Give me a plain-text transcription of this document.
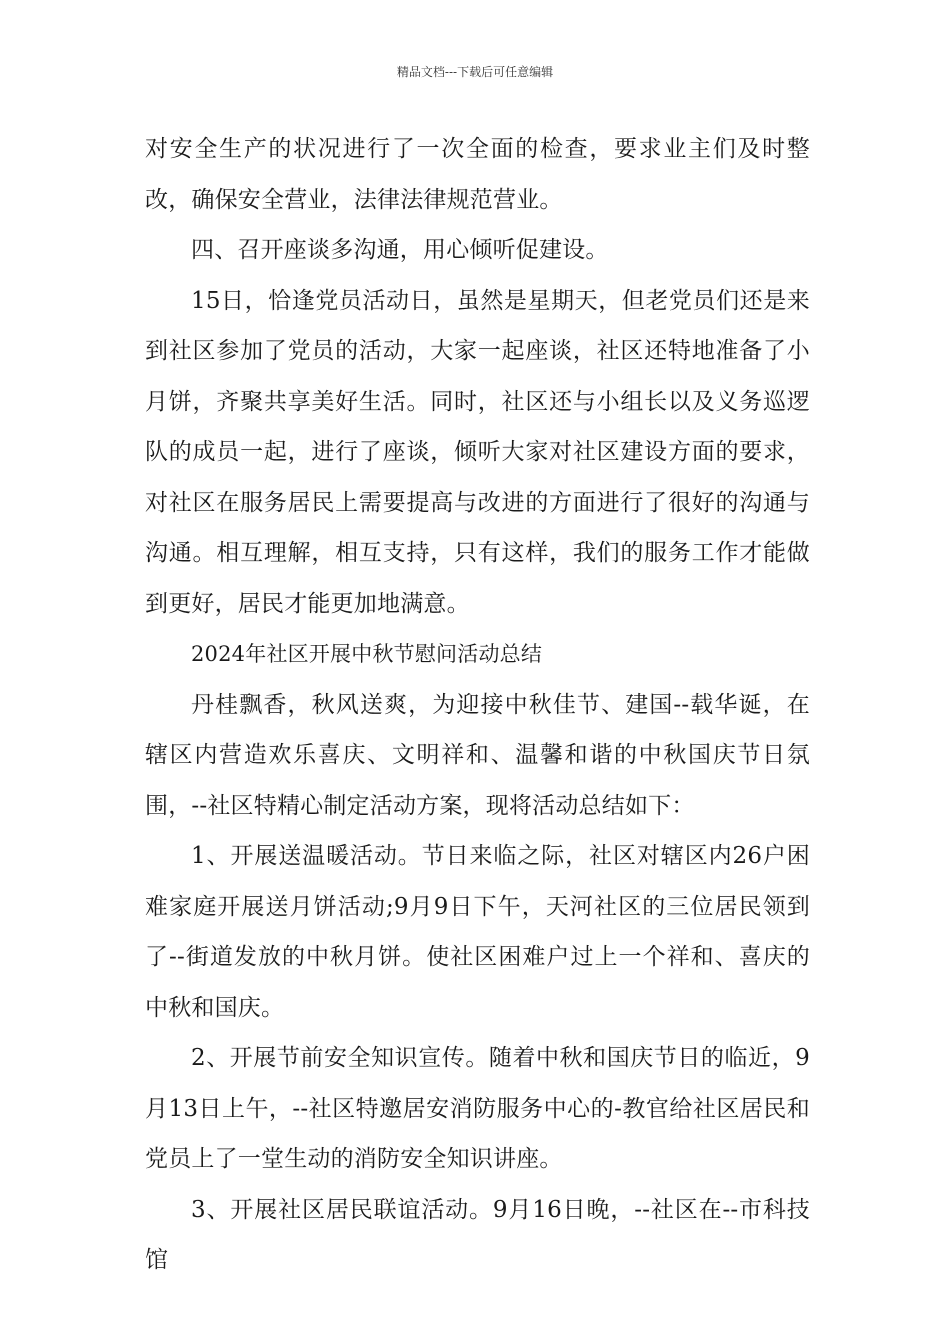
精品文档---下载后可任意编辑

对安全生产的状况进行了一次全面的检查，要求业主们及时整改，确保安全营业，法律法律规范营业。

四、召开座谈多沟通，用心倾听促建设。

15日，恰逢党员活动日，虽然是星期天，但老党员们还是来到社区参加了党员的活动，大家一起座谈，社区还特地准备了小月饼，齐聚共享美好生活。同时，社区还与小组长以及义务巡逻队的成员一起，进行了座谈，倾听大家对社区建设方面的要求，对社区在服务居民上需要提高与改进的方面进行了很好的沟通与沟通。相互理解，相互支持，只有这样，我们的服务工作才能做到更好，居民才能更加地满意。

2024年社区开展中秋节慰问活动总结

丹桂飘香，秋风送爽，为迎接中秋佳节、建国--载华诞，在辖区内营造欢乐喜庆、文明祥和、温馨和谐的中秋国庆节日氛围，--社区特精心制定活动方案，现将活动总结如下：

1、开展送温暖活动。节日来临之际，社区对辖区内26户困难家庭开展送月饼活动;9月9日下午，天河社区的三位居民领到了--街道发放的中秋月饼。使社区困难户过上一个祥和、喜庆的中秋和国庆。

2、开展节前安全知识宣传。随着中秋和国庆节日的临近，9月13日上午，--社区特邀居安消防服务中心的-教官给社区居民和党员上了一堂生动的消防安全知识讲座。

3、开展社区居民联谊活动。9月16日晚，--社区在--市科技馆
